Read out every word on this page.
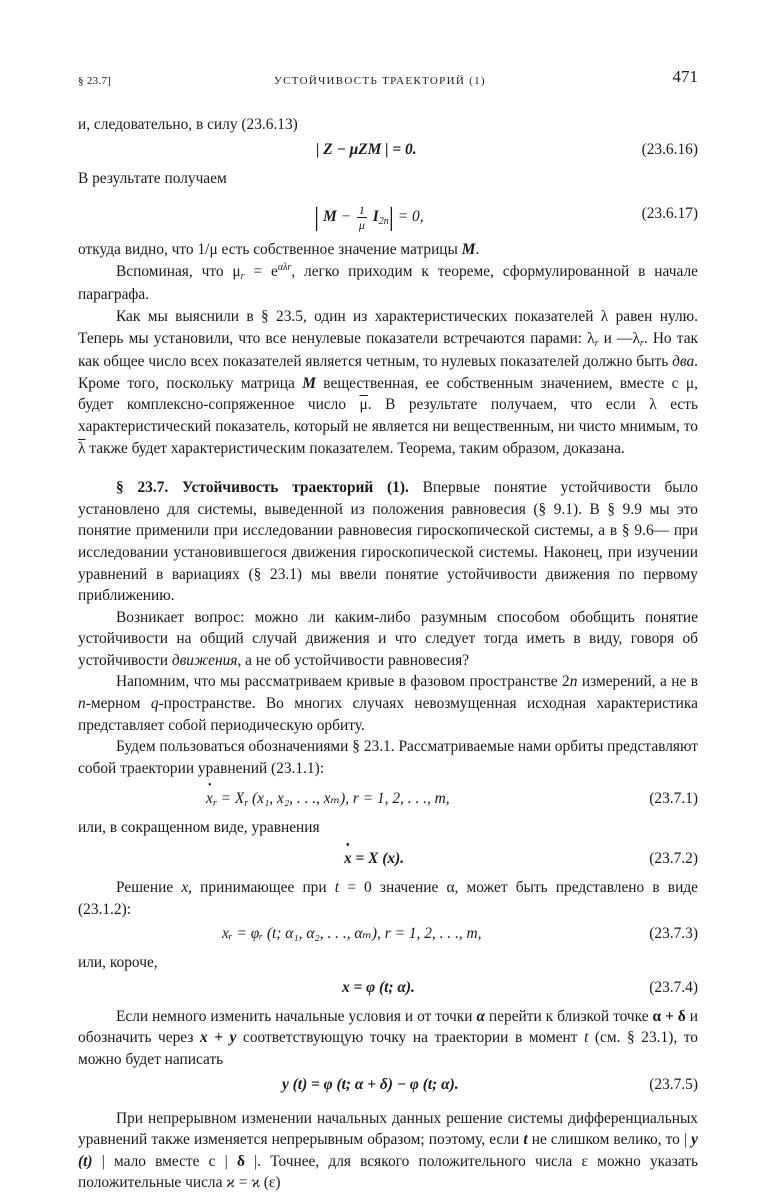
§ 23.7]	УСТОЙЧИВОСТЬ ТРАЕКТОРИЙ (1)	471

и, следовательно, в силу (23.6.13)

| Z − μZM | = 0.	(23.6.16)

В результате получаем

| $M - \frac{1}{\mu} I2n| = 0$,	(23.6.17)

откуда видно, что 1/μ есть собственное значение матрицы M.

Вспоминая, что $\mu r = e^{\alpha\lambda r}$, легко приходим к теореме, сформулированной в начале параграфа.

Как мы выяснили в § 23.5, один из характеристических показателей λ равен нулю. Теперь мы установили, что все ненулевые показатели встречаются парами: λr и —λr. Но так как общее число всех показателей является четным, то нулевых показателей должно быть два. Кроме того, поскольку матрица M вещественная, ее собственным значением, вместе с μ, будет комплексно-сопряженное число $\overline{\mu}$. В результате получаем, что если λ есть характеристический показатель, который не является ни вещественным, ни чисто мнимым, то $\overline{\lambda}$ также будет характеристическим показателем. Теорема, таким образом, доказана.

§ 23.7. Устойчивость траекторий (1). Впервые понятие устойчивости было установлено для системы, выведенной из положения равновесия (§ 9.1). В § 9.9 мы это понятие применили при исследовании равновесия гироскопической системы, а в § 9.6— при исследовании установившегося движения гироскопической системы. Наконец, при изучении уравнений в вариациях (§ 23.1) мы ввели понятие устойчивости движения по первому приближению.

Возникает вопрос: можно ли каким-либо разумным способом обобщить понятие устойчивости на общий случай движения и что следует тогда иметь в виду, говоря об устойчивости движения, а не об устойчивости равновесия?

Напомним, что мы рассматриваем кривые в фазовом пространстве 2n измерений, а не в n-мерном q-пространстве. Во многих случаях невозмущенная исходная характеристика представляет собой периодическую орбиту.

Будем пользоваться обозначениями § 23.1. Рассматриваемые нами орбиты представляют собой траектории уравнений (23.1.1):

• xr = Xr (x₁, x₂, . . ., xₘ), r = 1, 2, . . ., m,	(23.7.1)

или, в сокращенном виде, уравнения

• x = X (x).	(23.7.2)

Решение x, принимающее при t = 0 значение α, может быть представлено в виде (23.1.2):

xᵣ = φᵣ (t; α₁, α₂, . . ., αₘ), r = 1, 2, . . ., m,	(23.7.3)

или, короче,

x = φ (t; α).	(23.7.4)

Если немного изменить начальные условия и от точки α перейти к близкой точке α + δ и обозначить через x + y соответствующую точку на траектории в момент t (см. § 23.1), то можно будет написать

y (t) = φ (t; α + δ) − φ (t; α).	(23.7.5)

При непрерывном изменении начальных данных решение системы дифференциальных уравнений также изменяется непрерывным образом; поэтому, если t не слишком велико, то | y (t) | мало вместе с | δ |. Точнее, для всякого положительного числа ε можно указать положительные числа ϰ = ϰ (ε)
